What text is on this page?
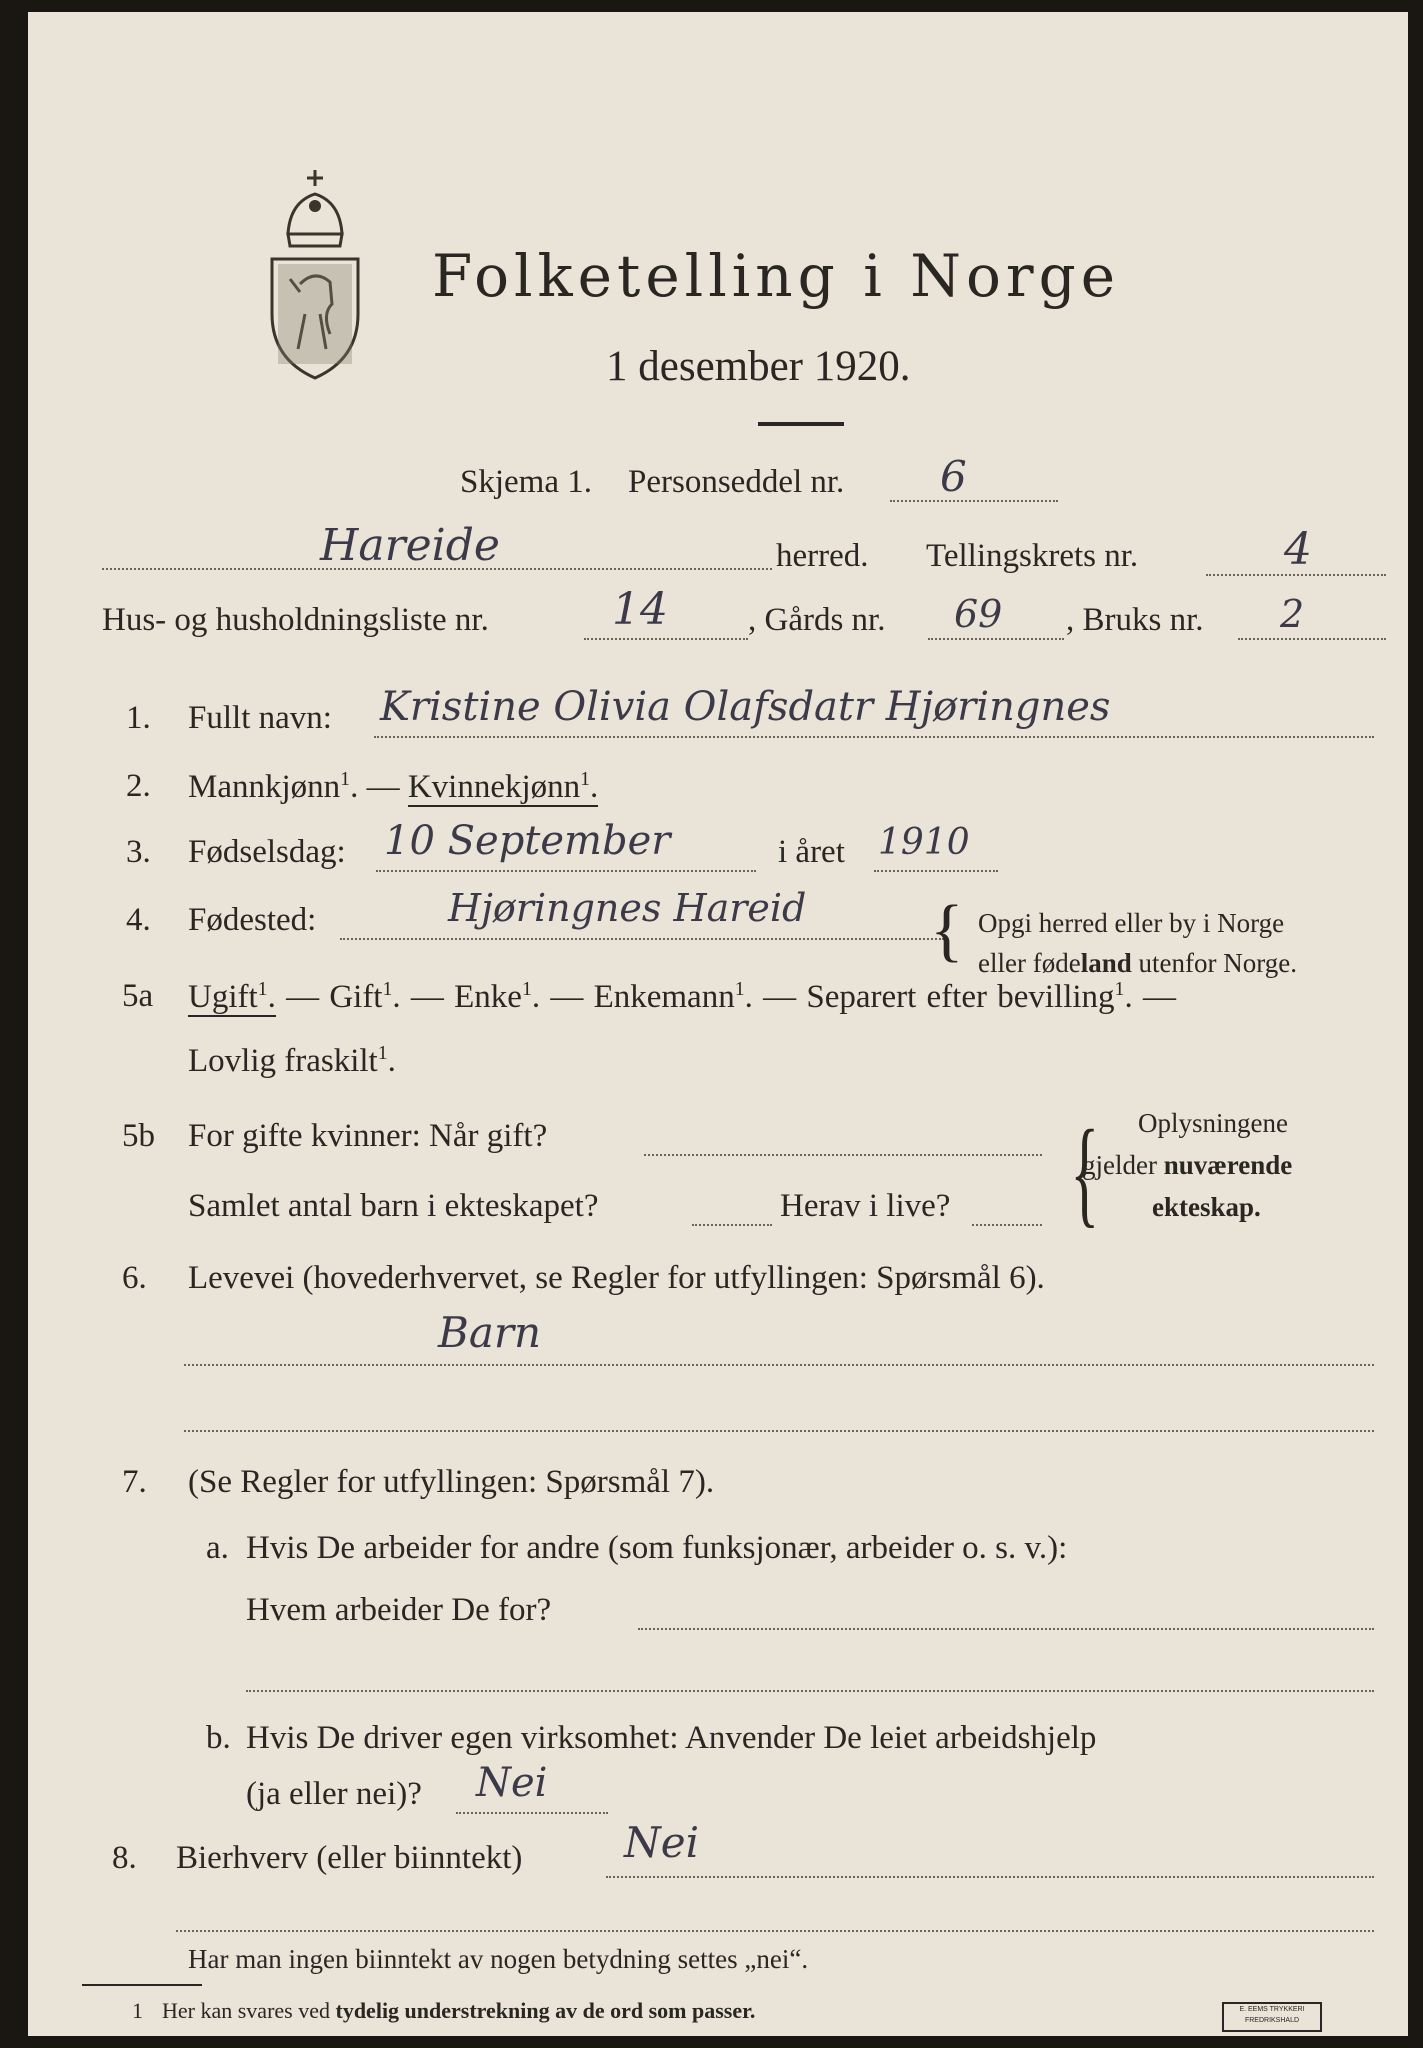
Folketelling i Norge
1 desember 1920.
Skjema 1. Personseddel nr. 6
Hareide	herred. Tellingskrets nr.	4
Hus- og husholdningsliste nr.	14 , Gårds nr. 69 , Bruks nr. 2
1. Fullt navn: Kristine Olivia Olafsdatr Hjøringnes
2. Mannkjønn$^1$. — Kvinnekjønn$^1$.
3. Fødselsdag: 10 September	i året 1910
4. Fødested:	Hjøringnes Hareid { Opgi herred eller by i Norge
eller fødeland utenfor Norge.
5a Ugift$^1$. — Gift$^1$. — Enke$^1$. — Enkemann$^1$. — Separert efter bevilling$^1$. —
Lovlig fraskilt$^1$.
5b For gifte kvinner: Når gift?
Samlet antal barn i ekteskapet?	Herav i live? { Oplysningene
gjelder nuværende
ekteskap.
6. Levevei (hovederhvervet, se Regler for utfyllingen: Spørsmål 6).
Barn
7. (Se Regler for utfyllingen: Spørsmål 7).
a. Hvis De arbeider for andre (som funksjonær, arbeider o. s. v.):
Hvem arbeider De for?
b. Hvis De driver egen virksomhet: Anvender De leiet arbeidshjelp
(ja eller nei)? Nei
8. Bierhverv (eller biinntekt) Nei
Har man ingen biinntekt av nogen betydning settes „nei“.
1 Her kan svares ved tydelig understrekning av de ord som passer.	E. EEMS TRYKKERI FREDRIKSHALD
